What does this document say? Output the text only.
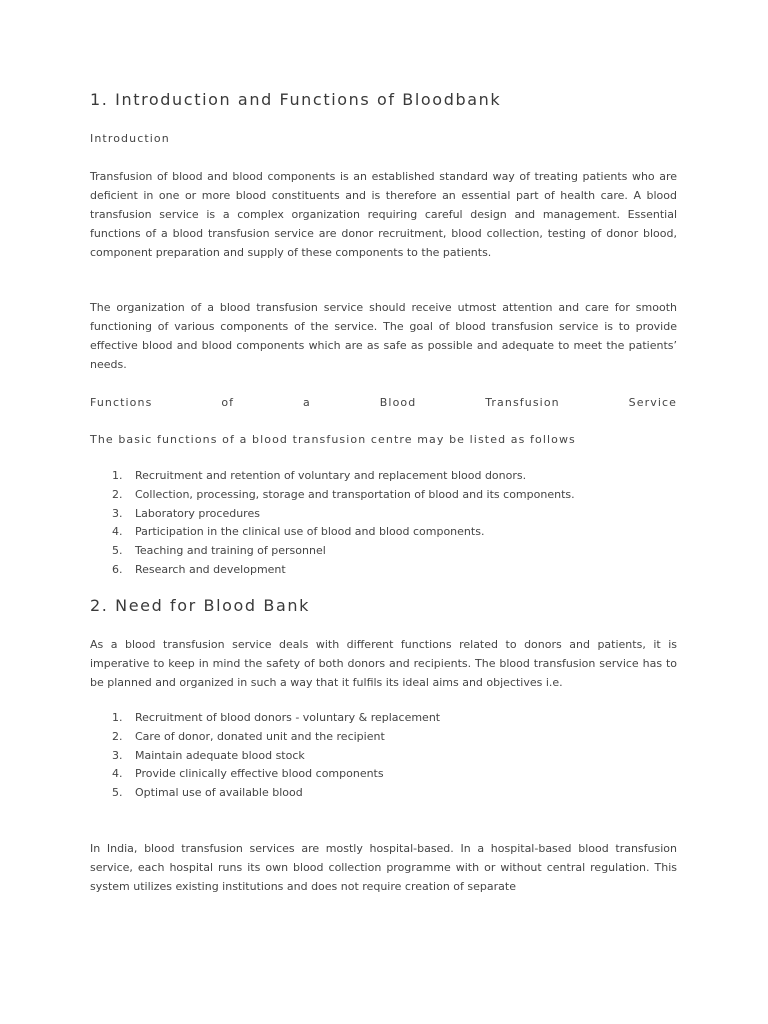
1. Introduction and Functions of Bloodbank

Introduction

Transfusion of blood and blood components is an established standard way of treating patients who are deficient in one or more blood constituents and is therefore an essential part of health care. A blood transfusion service is a complex organization requiring careful design and management. Essential functions of a blood transfusion service are donor recruitment, blood collection, testing of donor blood, component preparation and supply of these components to the patients.

The organization of a blood transfusion service should receive utmost attention and care for smooth functioning of various components of the service. The goal of blood transfusion service is to provide effective blood and blood components which are as safe as possible and adequate to meet the patients’ needs.

Functions of a Blood Transfusion Service

The basic functions of a blood transfusion centre may be listed as follows

1. Recruitment and retention of voluntary and replacement blood donors.
2. Collection, processing, storage and transportation of blood and its components.
3. Laboratory procedures
4. Participation in the clinical use of blood and blood components.
5. Teaching and training of personnel
6. Research and development
2. Need for Blood Bank

As a blood transfusion service deals with different functions related to donors and patients, it is imperative to keep in mind the safety of both donors and recipients. The blood transfusion service has to be planned and organized in such a way that it fulfils its ideal aims and objectives i.e.

1. Recruitment of blood donors - voluntary & replacement
2. Care of donor, donated unit and the recipient
3. Maintain adequate blood stock
4. Provide clinically effective blood components
5. Optimal use of available blood

In India, blood transfusion services are mostly hospital-based. In a hospital-based blood transfusion service, each hospital runs its own blood collection programme with or without central regulation. This system utilizes existing institutions and does not require creation of separate
